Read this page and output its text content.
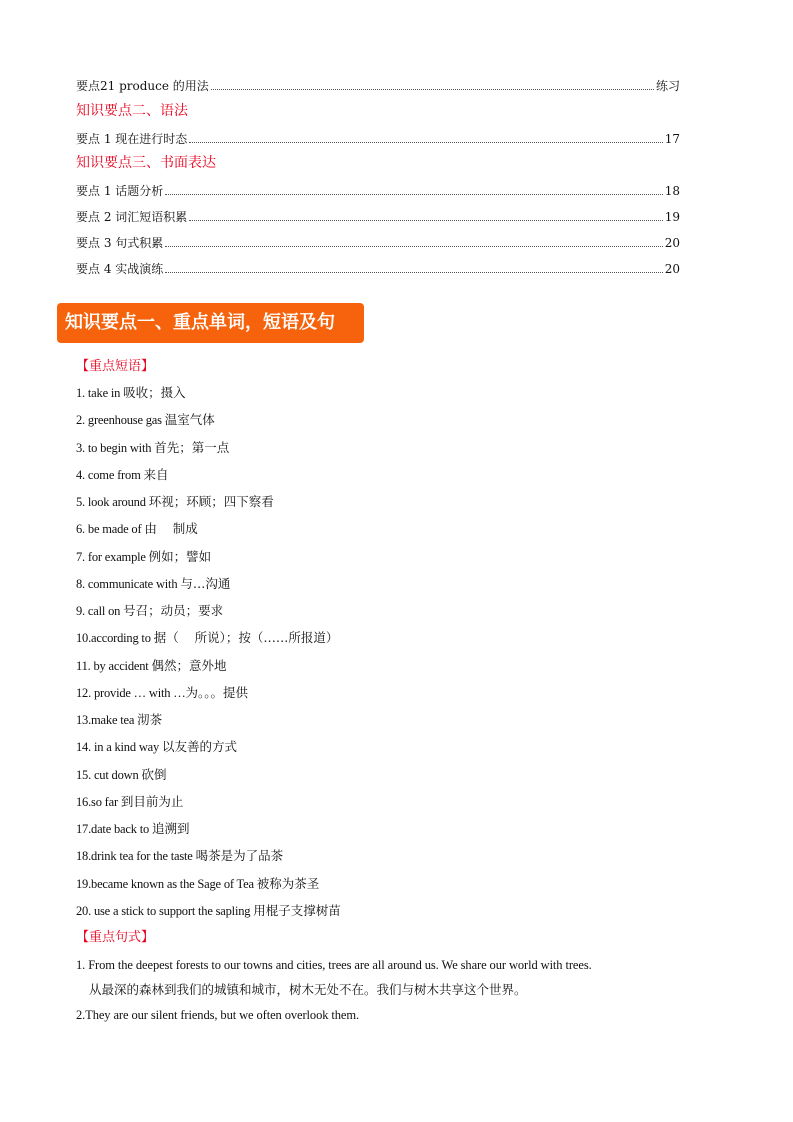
要点21 produce 的用法	练习
知识要点二、语法
要点 1 现在进行时态	17
知识要点三、书面表达
要点 1 话题分析	18
要点 2 词汇短语积累	19
要点 3 句式积累	20
要点 4 实战演练	20
知识要点一、重点单词，短语及句
【重点短语】
1. take in 吸收；摄入
2. greenhouse gas 温室气体
3. to begin with 首先；第一点
4. come from 来自
5. look around 环视；环顾；四下察看
6. be made of 由    制成
7. for example 例如；譬如
8. communicate with 与…沟通
9. call on 号召；动员；要求
10.according to 据（    所说）；按（……所报道）
11. by accident 偶然；意外地
12. provide … with …为。。。提供
13.make tea 沏茶
14. in a kind way 以友善的方式
15. cut down 砍倒
16.so far 到目前为止
17.date back to 追溯到
18.drink tea for the taste 喝茶是为了品茶
19.became known as the Sage of Tea 被称为茶圣
20. use a stick to support the sapling 用棍子支撑树苗
【重点句式】
1. From the deepest forests to our towns and cities, trees are all around us. We share our world with trees.
从最深的森林到我们的城镇和城市，树木无处不在。我们与树木共享这个世界。
2.They are our silent friends, but we often overlook them.
